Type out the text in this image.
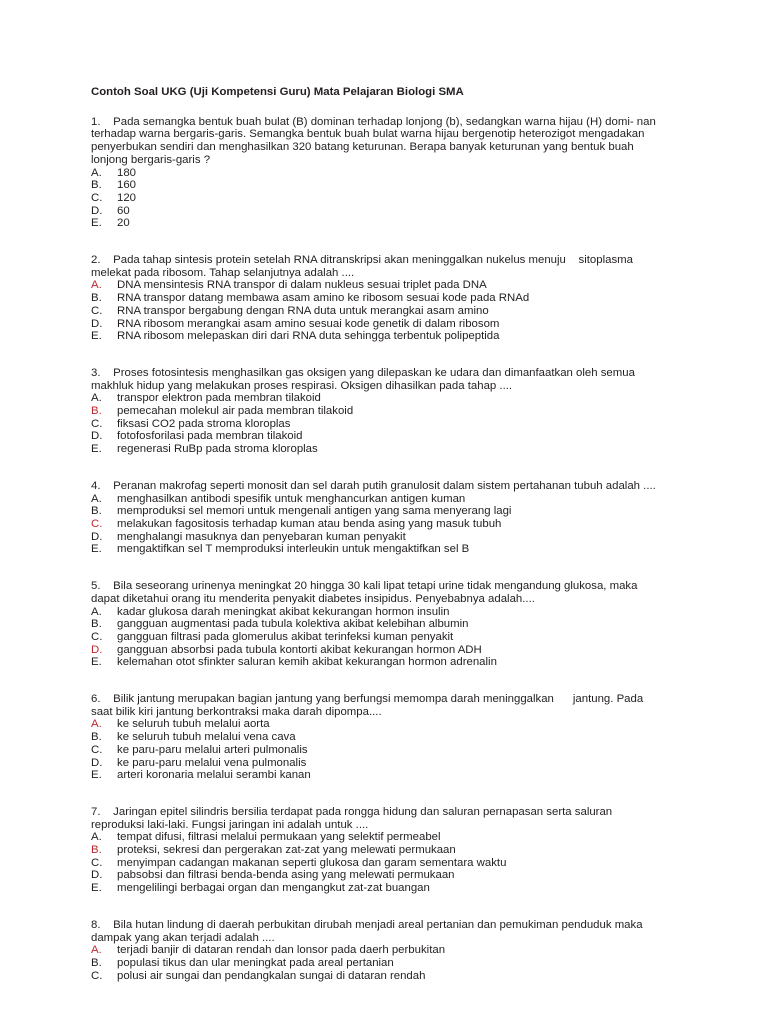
Contoh Soal UKG (Uji Kompetensi Guru) Mata Pelajaran Biologi SMA
1.    Pada semangka bentuk buah bulat (B) dominan terhadap lonjong (b), sedangkan warna hijau (H) domi- nan
terhadap warna bergaris-garis. Semangka bentuk buah bulat warna hijau bergenotip heterozigot mengadakan
penyerbukan sendiri dan menghasilkan 320 batang keturunan. Berapa banyak keturunan yang bentuk buah
lonjong bergaris-garis ?
A.	180
B.	160
C.	120
D.	60
E.	20
2.    Pada tahap sintesis protein setelah RNA ditranskripsi akan meninggalkan nukelus menuju    sitoplasma
melekat pada ribosom. Tahap selanjutnya adalah ....
A.	DNA mensintesis RNA transpor di dalam nukleus sesuai triplet pada DNA
B.	RNA transpor datang membawa asam amino ke ribosom sesuai kode pada RNAd
C.	RNA transpor bergabung dengan RNA duta untuk merangkai asam amino
D.	RNA ribosom merangkai asam amino sesuai kode genetik di dalam ribosom
E.	RNA ribosom melepaskan diri dari RNA duta sehingga terbentuk polipeptida
3.    Proses fotosintesis menghasilkan gas oksigen yang dilepaskan ke udara dan dimanfaatkan oleh semua
makhluk hidup yang melakukan proses respirasi. Oksigen dihasilkan pada tahap ....
A.	transpor elektron pada membran tilakoid
B.	pemecahan molekul air pada membran tilakoid
C.	fiksasi CO2 pada stroma kloroplas
D.	fotofosforilasi pada membran tilakoid
E.	regenerasi RuBp pada stroma kloroplas
4.    Peranan makrofag seperti monosit dan sel darah putih granulosit dalam sistem pertahanan tubuh adalah ....
A.	menghasilkan antibodi spesifik untuk menghancurkan antigen kuman
B.	memproduksi sel memori untuk mengenali antigen yang sama menyerang lagi
C.	melakukan fagositosis terhadap kuman atau benda asing yang masuk tubuh
D.	menghalangi masuknya dan penyebaran kuman penyakit
E.	mengaktifkan sel T memproduksi interleukin untuk mengaktifkan sel B
5.    Bila seseorang urinenya meningkat 20 hingga 30 kali lipat tetapi urine tidak mengandung glukosa, maka
dapat diketahui orang itu menderita penyakit diabetes insipidus. Penyebabnya adalah....
A.	kadar glukosa darah meningkat akibat kekurangan hormon insulin
B.	gangguan augmentasi pada tubula kolektiva akibat kelebihan albumin
C.	gangguan filtrasi pada glomerulus akibat terinfeksi kuman penyakit
D.	gangguan absorbsi pada tubula kontorti akibat kekurangan hormon ADH
E.	kelemahan otot sfinkter saluran kemih akibat kekurangan hormon adrenalin
6.    Bilik jantung merupakan bagian jantung yang berfungsi memompa darah meninggalkan      jantung. Pada
saat bilik kiri jantung berkontraksi maka darah dipompa....
A.	ke seluruh tubuh melalui aorta
B.	ke seluruh tubuh melalui vena cava
C.	ke paru-paru melalui arteri pulmonalis
D.	ke paru-paru melalui vena pulmonalis
E.	arteri koronaria melalui serambi kanan
7.    Jaringan epitel silindris bersilia terdapat pada rongga hidung dan saluran pernapasan serta saluran
reproduksi laki-laki. Fungsi jaringan ini adalah untuk ....
A.	tempat difusi, filtrasi melalui permukaan yang selektif permeabel
B.	proteksi, sekresi dan pergerakan zat-zat yang melewati permukaan
C.	menyimpan cadangan makanan seperti glukosa dan garam sementara waktu
D.	pabsobsi dan filtrasi benda-benda asing yang melewati permukaan
E.	mengelilingi berbagai organ dan mengangkut zat-zat buangan
8.    Bila hutan lindung di daerah perbukitan dirubah menjadi areal pertanian dan pemukiman penduduk maka
dampak yang akan terjadi adalah ....
A.	terjadi banjir di dataran rendah dan lonsor pada daerh perbukitan
B.	populasi tikus dan ular meningkat pada areal pertanian
C.	polusi air sungai dan pendangkalan sungai di dataran rendah
